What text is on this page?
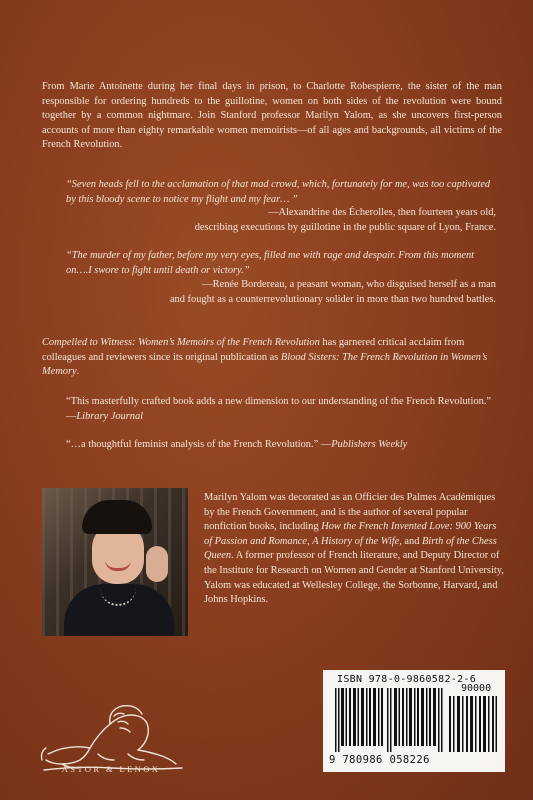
From Marie Antoinette during her final days in prison, to Charlotte Robespierre, the sister of the man responsible for ordering hundreds to the guillotine, women on both sides of the revolution were bound together by a common nightmare. Join Stanford professor Marilyn Yalom, as she uncovers first-person accounts of more than eighty remarkable women memoirists—of all ages and backgrounds, all victims of the French Revolution.

“Seven heads fell to the acclamation of that mad crowd, which, fortunately for me, was too captivated by this bloody scene to notice my flight and my fear… ”

—Alexandrine des Écherolles, then fourteen years old,
describing executions by guillotine in the public square of Lyon, France.

“The murder of my father, before my very eyes, filled me with rage and despair. From this moment on….I swore to fight until death or victory.”

—Renée Bordereau, a peasant woman, who disguised herself as a man
and fought as a counterrevolutionary solider in more than two hundred battles.

Compelled to Witness: Women’s Memoirs of the French Revolution has garnered critical acclaim from colleagues and reviewers since its original publication as Blood Sisters: The French Revolution in Women’s Memory.

“This masterfully crafted book adds a new dimension to our understanding of the French Revolution.” —Library Journal

“…a thoughtful feminist analysis of the French Revolution.” —Publishers Weekly

Marilyn Yalom was decorated as an Officier des Palmes Académiques by the French Government, and is the author of several popular nonfiction books, including How the French Invented Love: 900 Years of Passion and Romance, A History of the Wife, and Birth of the Chess Queen. A former professor of French literature, and Deputy Director of the Institute for Research on Women and Gender at Stanford University, Yalom was educated at Wellesley College, the Sorbonne, Harvard, and Johns Hopkins.

ISBN 978-0-9860582-2-6
90000
9 780986 058226
ASTOR & LENOX
